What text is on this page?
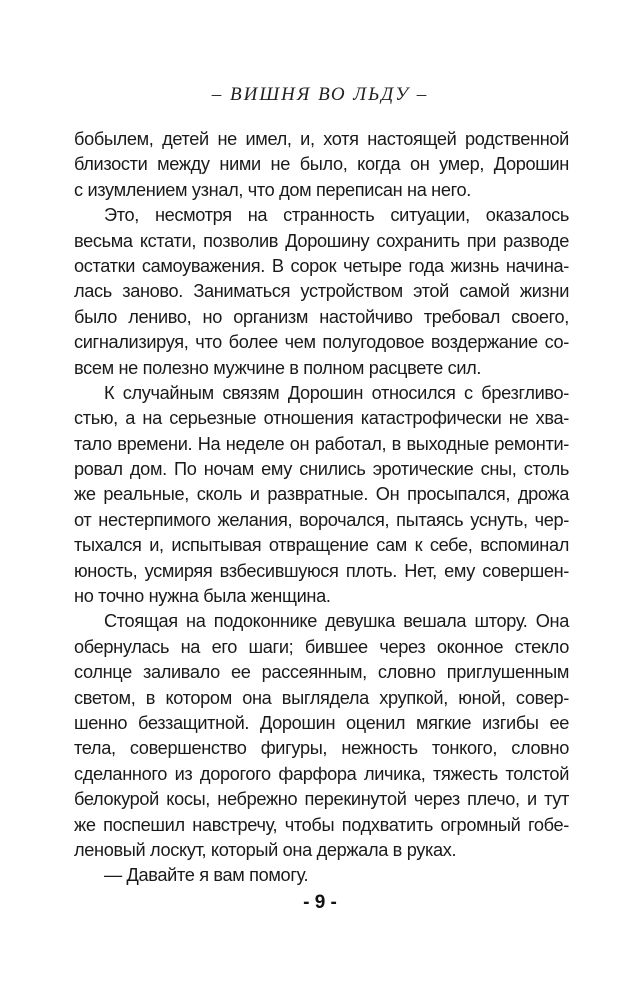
– ВИШНЯ ВО ЛЬДУ –
бобылем, детей не имел, и, хотя настоящей родственной
близости между ними не было, когда он умер, Дорошин
с изумлением узнал, что дом переписан на него.
Это, несмотря на странность ситуации, оказалось
весьма кстати, позволив Дорошину сохранить при разводе
остатки самоуважения. В сорок четыре года жизнь начина-
лась заново. Заниматься устройством этой самой жизни
было лениво, но организм настойчиво требовал своего,
сигнализируя, что более чем полугодовое воздержание со-
всем не полезно мужчине в полном расцвете сил.
К случайным связям Дорошин относился с брезгливо-
стью, а на серьезные отношения катастрофически не хва-
тало времени. На неделе он работал, в выходные ремонти-
ровал дом. По ночам ему снились эротические сны, столь
же реальные, сколь и развратные. Он просыпался, дрожа
от нестерпимого желания, ворочался, пытаясь уснуть, чер-
тыхался и, испытывая отвращение сам к себе, вспоминал
юность, усмиряя взбесившуюся плоть. Нет, ему совершен-
но точно нужна была женщина.
Стоящая на подоконнике девушка вешала штору. Она
обернулась на его шаги; бившее через оконное стекло
солнце заливало ее рассеянным, словно приглушенным
светом, в котором она выглядела хрупкой, юной, совер-
шенно беззащитной. Дорошин оценил мягкие изгибы ее
тела, совершенство фигуры, нежность тонкого, словно
сделанного из дорогого фарфора личика, тяжесть толстой
белокурой косы, небрежно перекинутой через плечо, и тут
же поспешил навстречу, чтобы подхватить огромный гобе-
леновый лоскут, который она держала в руках.
— Давайте я вам помогу.
- 9 -
